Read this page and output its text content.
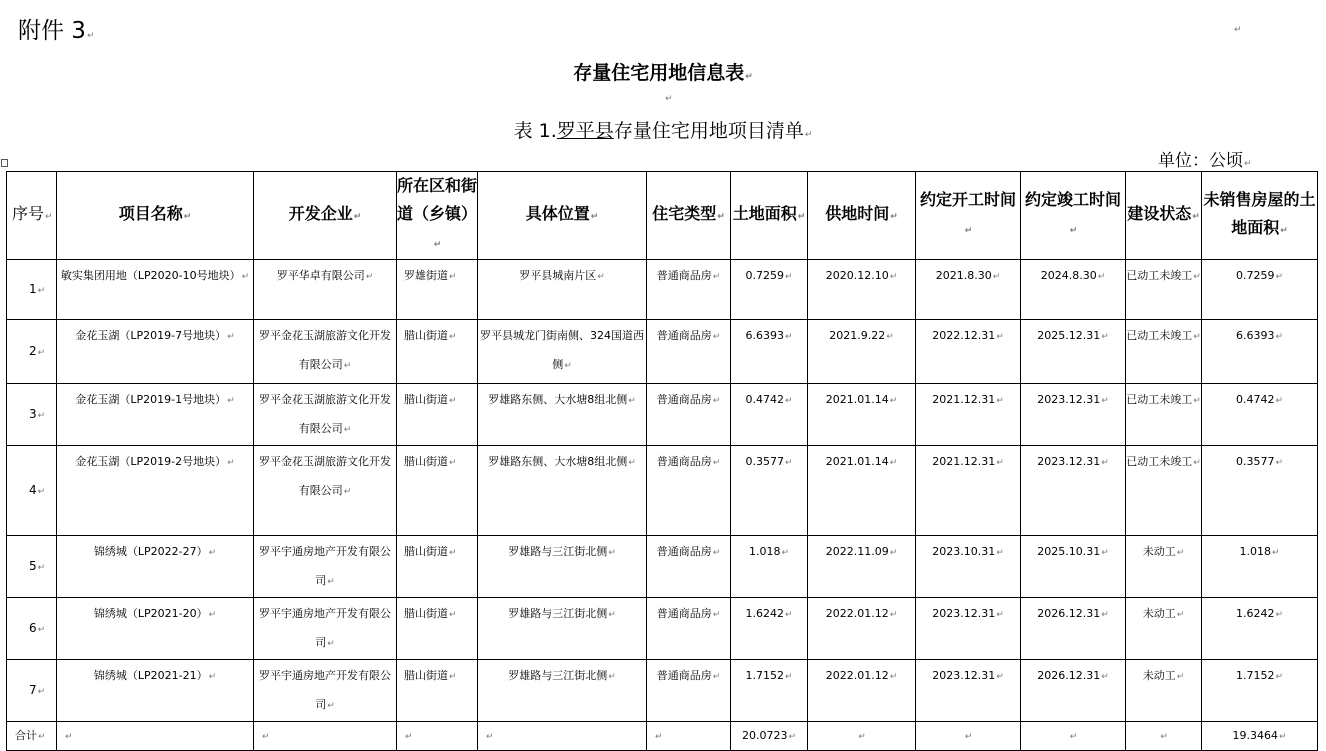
附件 3↵
↵
存量住宅用地信息表↵
↵
表 1.罗平县存量住宅用地项目清单↵
单位：公顷↵
序号↵	项目名称↵	开发企业↵	所在区和街道（乡镇）↵	具体位置↵	住宅类型↵	土地面积↵	供地时间↵	约定开工时间↵	约定竣工时间↵	建设状态↵	未销售房屋的土地面积↵
1↵	敏实集团用地（LP2020-10号地块）↵	罗平华卓有限公司↵	罗雄街道↵	罗平县城南片区↵	普通商品房↵	0.7259↵	2020.12.10↵	2021.8.30↵	2024.8.30↵	已动工未竣工↵	0.7259↵
2↵	金花玉湖（LP2019-7号地块）↵	罗平金花玉湖旅游文化开发有限公司↵	腊山街道↵	罗平县城龙门街南侧、324国道西侧↵	普通商品房↵	6.6393↵	2021.9.22↵	2022.12.31↵	2025.12.31↵	已动工未竣工↵	6.6393↵
3↵	金花玉湖（LP2019-1号地块）↵	罗平金花玉湖旅游文化开发有限公司↵	腊山街道↵	罗雄路东侧、大水塘8组北侧↵	普通商品房↵	0.4742↵	2021.01.14↵	2021.12.31↵	2023.12.31↵	已动工未竣工↵	0.4742↵
4↵	金花玉湖（LP2019-2号地块）↵	罗平金花玉湖旅游文化开发有限公司↵	腊山街道↵	罗雄路东侧、大水塘8组北侧↵	普通商品房↵	0.3577↵	2021.01.14↵	2021.12.31↵	2023.12.31↵	已动工未竣工↵	0.3577↵
5↵	锦绣城（LP2022-27）↵	罗平宇通房地产开发有限公司↵	腊山街道↵	罗雄路与三江街北侧↵	普通商品房↵	1.018↵	2022.11.09↵	2023.10.31↵	2025.10.31↵	未动工↵	1.018↵
6↵	锦绣城（LP2021-20）↵	罗平宇通房地产开发有限公司↵	腊山街道↵	罗雄路与三江街北侧↵	普通商品房↵	1.6242↵	2022.01.12↵	2023.12.31↵	2026.12.31↵	未动工↵	1.6242↵
7↵	锦绣城（LP2021-21）↵	罗平宇通房地产开发有限公司↵	腊山街道↵	罗雄路与三江街北侧↵	普通商品房↵	1.7152↵	2022.01.12↵	2023.12.31↵	2026.12.31↵	未动工↵	1.7152↵
合计↵	↵	↵	↵	↵	↵	20.0723↵	↵	↵	↵	↵	19.3464↵
